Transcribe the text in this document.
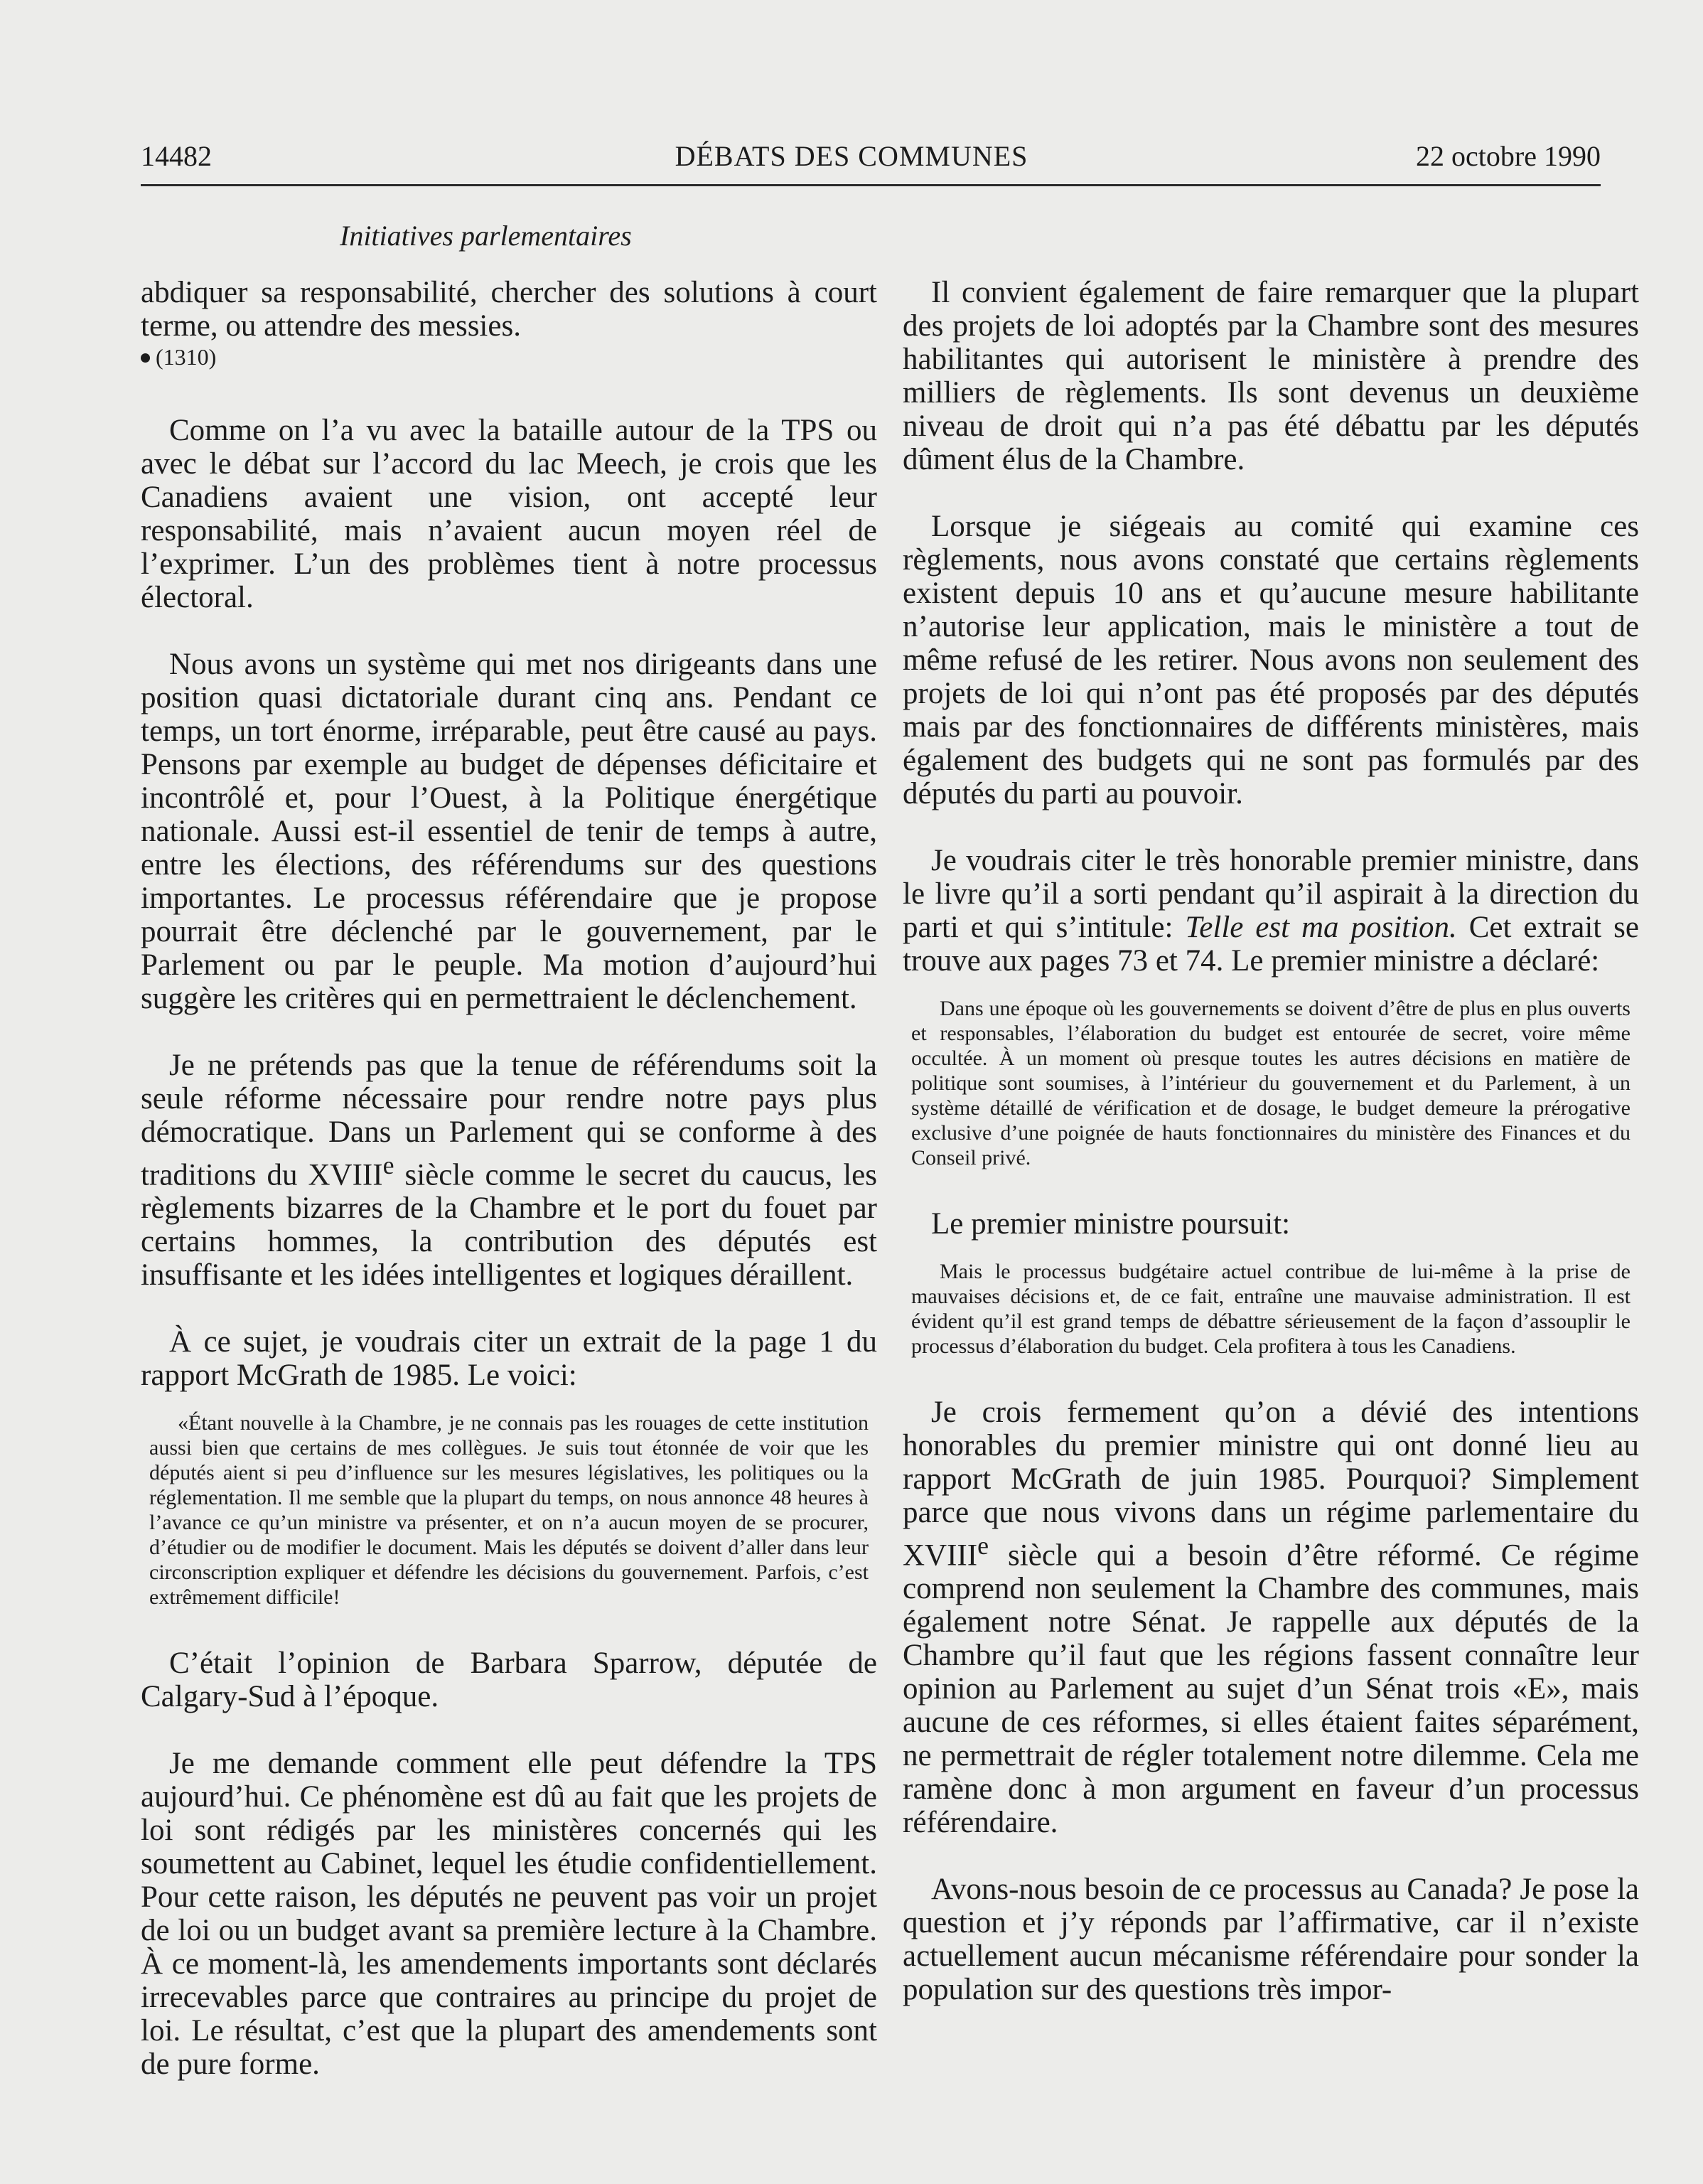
14482	DÉBATS DES COMMUNES	22 octobre 1990
Initiatives parlementaires

abdiquer sa responsabilité, chercher des solutions à court terme, ou attendre des messies.

(1310)

Comme on l’a vu avec la bataille autour de la TPS ou avec le débat sur l’accord du lac Meech, je crois que les Canadiens avaient une vision, ont accepté leur responsabilité, mais n’avaient aucun moyen réel de l’exprimer. L’un des problèmes tient à notre processus électoral.

Nous avons un système qui met nos dirigeants dans une position quasi dictatoriale durant cinq ans. Pendant ce temps, un tort énorme, irréparable, peut être causé au pays. Pensons par exemple au budget de dépenses déficitaire et incontrôlé et, pour l’Ouest, à la Politique énergétique nationale. Aussi est-il essentiel de tenir de temps à autre, entre les élections, des référendums sur des questions importantes. Le processus référendaire que je propose pourrait être déclenché par le gouvernement, par le Parlement ou par le peuple. Ma motion d’aujourd’hui suggère les critères qui en permettraient le déclenchement.

Je ne prétends pas que la tenue de référendums soit la seule réforme nécessaire pour rendre notre pays plus démocratique. Dans un Parlement qui se conforme à des traditions du XVIIIe siècle comme le secret du caucus, les règlements bizarres de la Chambre et le port du fouet par certains hommes, la contribution des députés est insuffisante et les idées intelligentes et logiques déraillent.

À ce sujet, je voudrais citer un extrait de la page 1 du rapport McGrath de 1985. Le voici:

«Étant nouvelle à la Chambre, je ne connais pas les rouages de cette institution aussi bien que certains de mes collègues. Je suis tout étonnée de voir que les députés aient si peu d’influence sur les mesures législatives, les politiques ou la réglementation. Il me semble que la plupart du temps, on nous annonce 48 heures à l’avance ce qu’un ministre va présenter, et on n’a aucun moyen de se procurer, d’étudier ou de modifier le document. Mais les députés se doivent d’aller dans leur circonscription expliquer et défendre les décisions du gouvernement. Parfois, c’est extrêmement difficile!

C’était l’opinion de Barbara Sparrow, députée de Calgary-Sud à l’époque.

Je me demande comment elle peut défendre la TPS aujourd’hui. Ce phénomène est dû au fait que les projets de loi sont rédigés par les ministères concernés qui les soumettent au Cabinet, lequel les étudie confidentiellement. Pour cette raison, les députés ne peuvent pas voir un projet de loi ou un budget avant sa première lecture à la Chambre. À ce moment-là, les amendements importants sont déclarés irrecevables parce que contraires au principe du projet de loi. Le résultat, c’est que la plupart des amendements sont de pure forme.

Il convient également de faire remarquer que la plupart des projets de loi adoptés par la Chambre sont des mesures habilitantes qui autorisent le ministère à prendre des milliers de règlements. Ils sont devenus un deuxième niveau de droit qui n’a pas été débattu par les députés dûment élus de la Chambre.

Lorsque je siégeais au comité qui examine ces règlements, nous avons constaté que certains règlements existent depuis 10 ans et qu’aucune mesure habilitante n’autorise leur application, mais le ministère a tout de même refusé de les retirer. Nous avons non seulement des projets de loi qui n’ont pas été proposés par des députés mais par des fonctionnaires de différents ministères, mais également des budgets qui ne sont pas formulés par des députés du parti au pouvoir.

Je voudrais citer le très honorable premier ministre, dans le livre qu’il a sorti pendant qu’il aspirait à la direction du parti et qui s’intitule: Telle est ma position. Cet extrait se trouve aux pages 73 et 74. Le premier ministre a déclaré:

Dans une époque où les gouvernements se doivent d’être de plus en plus ouverts et responsables, l’élaboration du budget est entourée de secret, voire même occultée. À un moment où presque toutes les autres décisions en matière de politique sont soumises, à l’intérieur du gouvernement et du Parlement, à un système détaillé de vérification et de dosage, le budget demeure la prérogative exclusive d’une poignée de hauts fonctionnaires du ministère des Finances et du Conseil privé.

Le premier ministre poursuit:

Mais le processus budgétaire actuel contribue de lui-même à la prise de mauvaises décisions et, de ce fait, entraîne une mauvaise administration. Il est évident qu’il est grand temps de débattre sérieusement de la façon d’assouplir le processus d’élaboration du budget. Cela profitera à tous les Canadiens.

Je crois fermement qu’on a dévié des intentions honorables du premier ministre qui ont donné lieu au rapport McGrath de juin 1985. Pourquoi? Simplement parce que nous vivons dans un régime parlementaire du XVIIIe siècle qui a besoin d’être réformé. Ce régime comprend non seulement la Chambre des communes, mais également notre Sénat. Je rappelle aux députés de la Chambre qu’il faut que les régions fassent connaître leur opinion au Parlement au sujet d’un Sénat trois «E», mais aucune de ces réformes, si elles étaient faites séparément, ne permettrait de régler totalement notre dilemme. Cela me ramène donc à mon argument en faveur d’un processus référendaire.

Avons-nous besoin de ce processus au Canada? Je pose la question et j’y réponds par l’affirmative, car il n’existe actuellement aucun mécanisme référendaire pour sonder la population sur des questions très impor-
